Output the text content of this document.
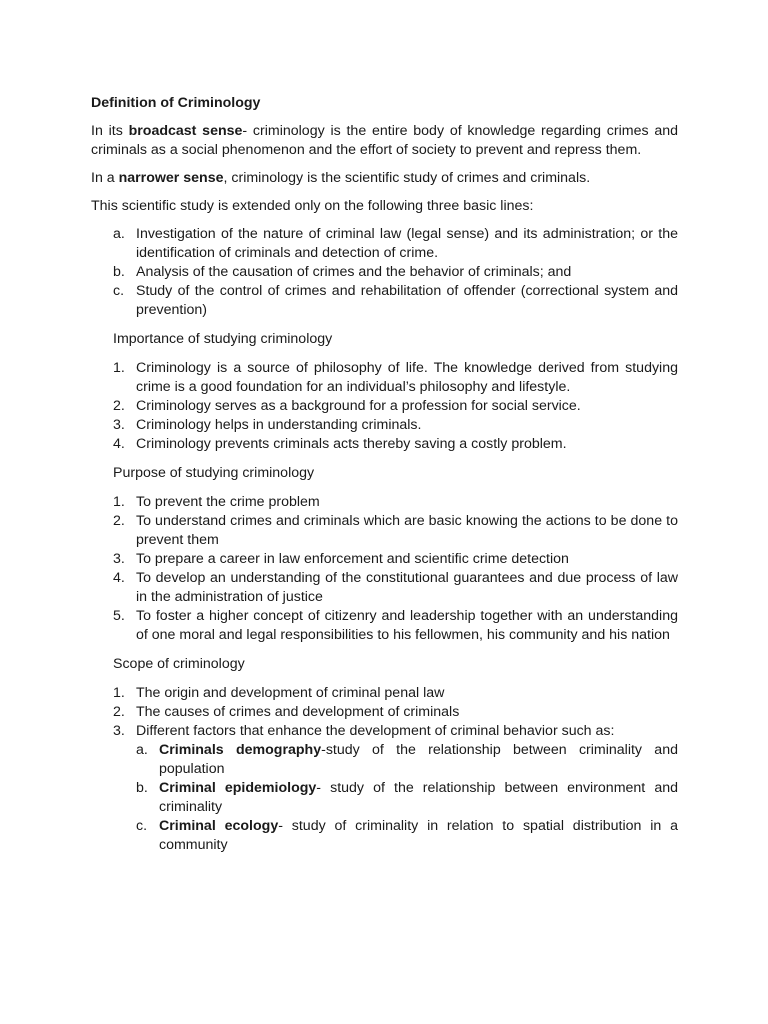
Definition of Criminology

In its broadcast sense- criminology is the entire body of knowledge regarding crimes and criminals as a social phenomenon and the effort of society to prevent and repress them.

In a narrower sense, criminology is the scientific study of crimes and criminals.

This scientific study is extended only on the following three basic lines:

a. Investigation of the nature of criminal law (legal sense) and its administration; or the identification of criminals and detection of crime.
b. Analysis of the causation of crimes and the behavior of criminals; and
c. Study of the control of crimes and rehabilitation of offender (correctional system and prevention)

Importance of studying criminology

1. Criminology is a source of philosophy of life. The knowledge derived from studying crime is a good foundation for an individual’s philosophy and lifestyle.
2. Criminology serves as a background for a profession for social service.
3. Criminology helps in understanding criminals.
4. Criminology prevents criminals acts thereby saving a costly problem.

Purpose of studying criminology

1. To prevent the crime problem
2. To understand crimes and criminals which are basic knowing the actions to be done to prevent them
3. To prepare a career in law enforcement and scientific crime detection
4. To develop an understanding of the constitutional guarantees and due process of law in the administration of justice
5. To foster a higher concept of citizenry and leadership together with an understanding of one moral and legal responsibilities to his fellowmen, his community and his nation

Scope of criminology

1. The origin and development of criminal penal law
2. The causes of crimes and development of criminals
3. Different factors that enhance the development of criminal behavior such as:
a. Criminals demography-study of the relationship between criminality and population
b. Criminal epidemiology- study of the relationship between environment and criminality
c. Criminal ecology- study of criminality in relation to spatial distribution in a community
